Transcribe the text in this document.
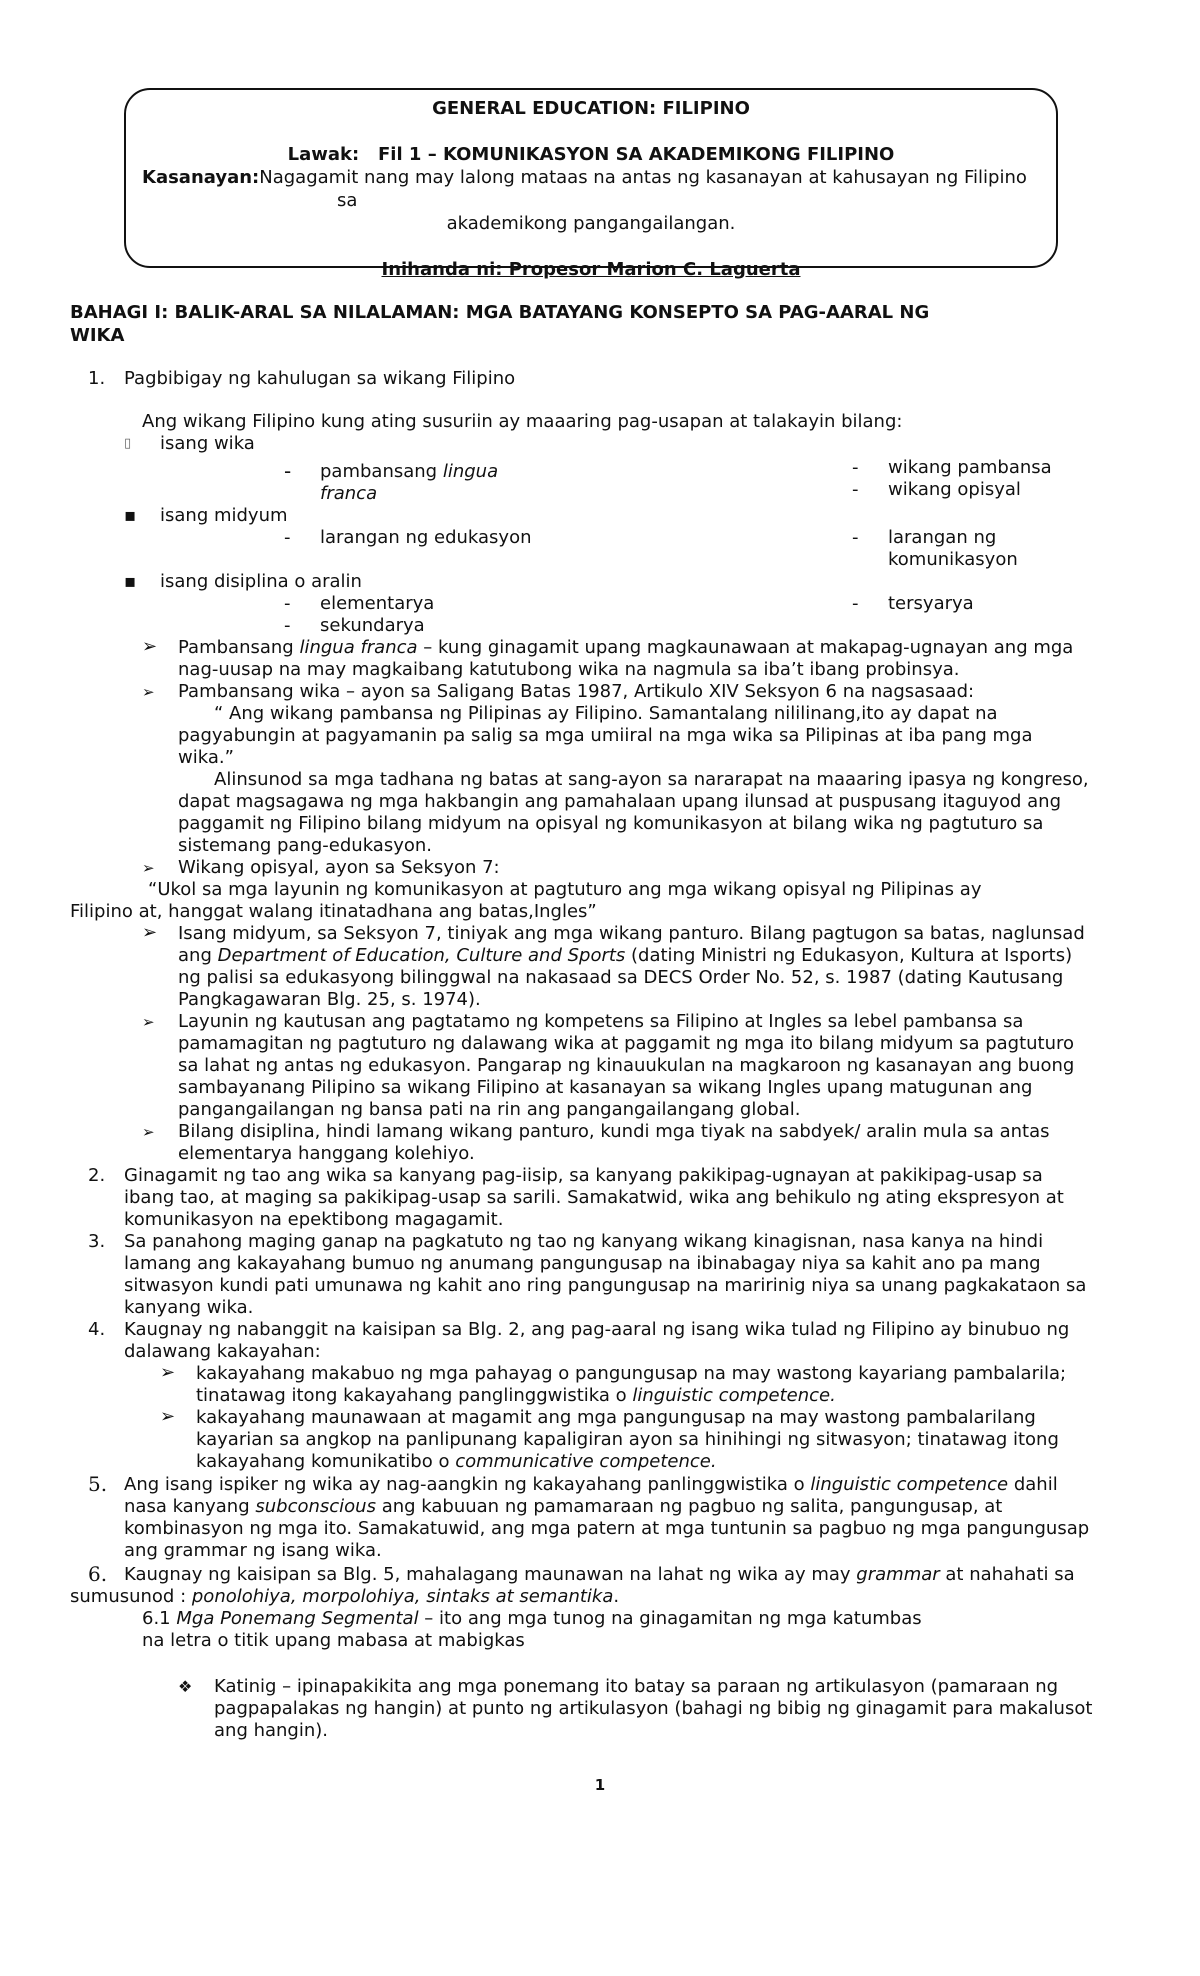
GENERAL EDUCATION: FILIPINO
Lawak: Fil 1 – KOMUNIKASYON SA AKADEMIKONG FILIPINO
Kasanayan:Nagagamit nang may lalong mataas na antas ng kasanayan at kahusayan ng Filipino
sa
akademikong pangangailangan.
Inihanda ni: Propesor Marion C. Laguerta
BAHAGI I: BALIK-ARAL SA NILALAMAN: MGA BATAYANG KONSEPTO SA PAG-AARAL NG
WIKA
1. Pagbibigay ng kahulugan sa wikang Filipino
Ang wikang Filipino kung ating susuriin ay maaaring pag-usapan at talakayin bilang:
▯ isang wika
- pambansang lingua
franca
- wikang pambansa
- wikang opisyal
▪ isang midyum
- larangan ng edukasyon	- larangan ng
komunikasyon
▪ isang disiplina o aralin
- elementarya
- sekundarya
- tersyarya
➢ Pambansang lingua franca – kung ginagamit upang magkaunawaan at makapag-ugnayan ang mga
nag-uusap na may magkaibang katutubong wika na nagmula sa iba’t ibang probinsya.
➢ Pambansang wika – ayon sa Saligang Batas 1987, Artikulo XIV Seksyon 6 na nagsasaad:
“ Ang wikang pambansa ng Pilipinas ay Filipino. Samantalang nililinang,ito ay dapat na
pagyabungin at pagyamanin pa salig sa mga umiiral na mga wika sa Pilipinas at iba pang mga
wika.”
Alinsunod sa mga tadhana ng batas at sang-ayon sa nararapat na maaaring ipasya ng kongreso,
dapat magsagawa ng mga hakbangin ang pamahalaan upang ilunsad at puspusang itaguyod ang
paggamit ng Filipino bilang midyum na opisyal ng komunikasyon at bilang wika ng pagtuturo sa
sistemang pang-edukasyon.
➢ Wikang opisyal, ayon sa Seksyon 7:
“Ukol sa mga layunin ng komunikasyon at pagtuturo ang mga wikang opisyal ng Pilipinas ay
Filipino at, hanggat walang itinatadhana ang batas,Ingles”
➢ Isang midyum, sa Seksyon 7, tiniyak ang mga wikang panturo. Bilang pagtugon sa batas, naglunsad
ang Department of Education, Culture and Sports (dating Ministri ng Edukasyon, Kultura at Isports)
ng palisi sa edukasyong bilinggwal na nakasaad sa DECS Order No. 52, s. 1987 (dating Kautusang
Pangkagawaran Blg. 25, s. 1974).
➢ Layunin ng kautusan ang pagtatamo ng kompetens sa Filipino at Ingles sa lebel pambansa sa
pamamagitan ng pagtuturo ng dalawang wika at paggamit ng mga ito bilang midyum sa pagtuturo
sa lahat ng antas ng edukasyon. Pangarap ng kinauukulan na magkaroon ng kasanayan ang buong
sambayanang Pilipino sa wikang Filipino at kasanayan sa wikang Ingles upang matugunan ang
pangangailangan ng bansa pati na rin ang pangangailangang global.
➢ Bilang disiplina, hindi lamang wikang panturo, kundi mga tiyak na sabdyek/ aralin mula sa antas
elementarya hanggang kolehiyo.
2. Ginagamit ng tao ang wika sa kanyang pag-iisip, sa kanyang pakikipag-ugnayan at pakikipag-usap sa
ibang tao, at maging sa pakikipag-usap sa sarili. Samakatwid, wika ang behikulo ng ating ekspresyon at
komunikasyon na epektibong magagamit.
3. Sa panahong maging ganap na pagkatuto ng tao ng kanyang wikang kinagisnan, nasa kanya na hindi
lamang ang kakayahang bumuo ng anumang pangungusap na ibinabagay niya sa kahit ano pa mang
sitwasyon kundi pati umunawa ng kahit ano ring pangungusap na maririnig niya sa unang pagkakataon sa
kanyang wika.
4. Kaugnay ng nabanggit na kaisipan sa Blg. 2, ang pag-aaral ng isang wika tulad ng Filipino ay binubuo ng
dalawang kakayahan:
➢ kakayahang makabuo ng mga pahayag o pangungusap na may wastong kayariang pambalarila;
tinatawag itong kakayahang panglinggwistika o linguistic competence.
➢ kakayahang maunawaan at magamit ang mga pangungusap na may wastong pambalarilang
kayarian sa angkop na panlipunang kapaligiran ayon sa hinihingi ng sitwasyon; tinatawag itong
kakayahang komunikatibo o communicative competence.
5. Ang isang ispiker ng wika ay nag-aangkin ng kakayahang panlinggwistika o linguistic competence dahil
nasa kanyang subconscious ang kabuuan ng pamamaraan ng pagbuo ng salita, pangungusap, at
kombinasyon ng mga ito. Samakatuwid, ang mga patern at mga tuntunin sa pagbuo ng mga pangungusap
ang grammar ng isang wika.
6. Kaugnay ng kaisipan sa Blg. 5, mahalagang maunawan na lahat ng wika ay may grammar at nahahati sa
sumusunod : ponolohiya, morpolohiya, sintaks at semantika.
6.1 Mga Ponemang Segmental – ito ang mga tunog na ginagamitan ng mga katumbas
na letra o titik upang mabasa at mabigkas
❖ Katinig – ipinapakikita ang mga ponemang ito batay sa paraan ng artikulasyon (pamaraan ng
pagpapalakas ng hangin) at punto ng artikulasyon (bahagi ng bibig ng ginagamit para makalusot
ang hangin).
1
